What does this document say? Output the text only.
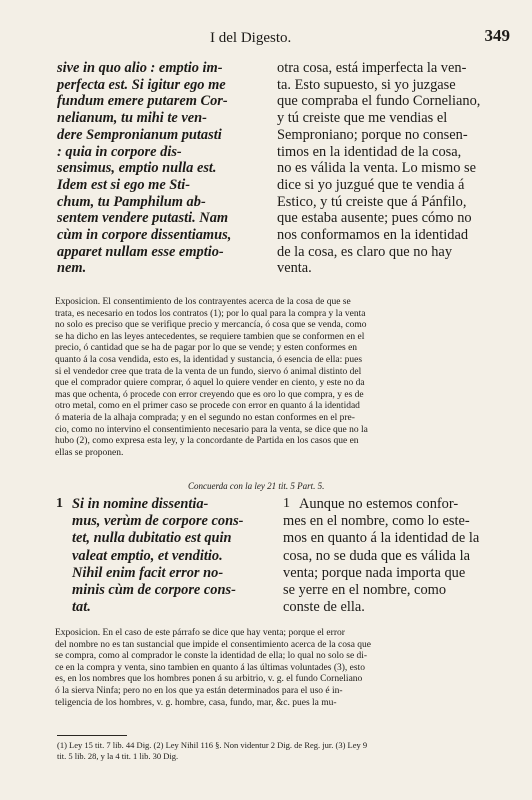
I del Digesto.	349
sive in quo alio : emptio im-
perfecta est. Si igitur ego me
fundum emere putarem Cor-
nelianum, tu mihi te ven-
dere Sempronianum putasti
: quia in corpore dis-
sensimus, emptio nulla est.
Idem est si ego me Sti-
chum, tu Pamphilum ab-
sentem vendere putasti. Nam
cùm in corpore dissentiamus,
apparet nullam esse emptio-
nem.
otra cosa, está imperfecta la ven-
ta. Esto supuesto, si yo juzgase
que compraba el fundo Corneliano,
y tú creiste que me vendias el
Semproniano; porque no consen-
timos en la identidad de la cosa,
no es válida la venta. Lo mismo se
dice si yo juzgué que te vendia á
Estico, y tú creiste que á Pánfilo,
que estaba ausente; pues cómo no
nos conformamos en la identidad
de la cosa, es claro que no hay
venta.
Exposicion. El consentimiento de los contrayentes acerca de la cosa de que se
trata, es necesario en todos los contratos (1); por lo qual para la compra y la venta
no solo es preciso que se verifique precio y mercancía, ó cosa que se venda, como
se ha dicho en las leyes antecedentes, se requiere tambien que se conformen en el
precio, ó cantidad que se ha de pagar por lo que se vende; y esten conformes en
quanto á la cosa vendida, esto es, la identidad y sustancia, ó esencia de ella: pues
si el vendedor cree que trata de la venta de un fundo, siervo ó animal distinto del
que el comprador quiere comprar, ó aquel lo quiere vender en ciento, y este no da
mas que ochenta, ó procede con error creyendo que es oro lo que compra, y es de
otro metal, como en el primer caso se procede con error en quanto á la identidad
ó materia de la alhaja comprada; y en el segundo no estan conformes en el pre-
cio, como no intervino el consentimiento necesario para la venta, se dice que no la
hubo (2), como expresa esta ley, y la concordante de Partida en los casos que en
ellas se proponen.
Concuerda con la ley 21 tit. 5 Part. 5.
1 Si in nomine dissentia-
mus, verùm de corpore cons-
tet, nulla dubitatio est quin
valeat emptio, et venditio.
Nihil enim facit error no-
minis cùm de corpore cons-
tat.
1 Aunque no estemos confor-
mes en el nombre, como lo este-
mos en quanto á la identidad de la
cosa, no se duda que es válida la
venta; porque nada importa que
se yerre en el nombre, como
conste de ella.
Exposicion. En el caso de este párrafo se dice que hay venta; porque el error
del nombre no es tan sustancial que impide el consentimiento acerca de la cosa que
se compra, como al comprador le conste la identidad de ella; lo qual no solo se di-
ce en la compra y venta, sino tambien en quanto á las últimas voluntades (3), esto
es, en los nombres que los hombres ponen á su arbitrio, v. g. el fundo Corneliano
ó la sierva Ninfa; pero no en los que ya están determinados para el uso é in-
teligencia de los hombres, v. g. hombre, casa, fundo, mar, &c. pues la mu-
(1) Ley 15 tit. 7 lib. 44 Dig. (2) Ley Nihil 116 §. Non videntur 2 Dig. de Reg. jur. (3) Ley 9
tit. 5 lib. 28, y la 4 tit. 1 lib. 30 Dig.
